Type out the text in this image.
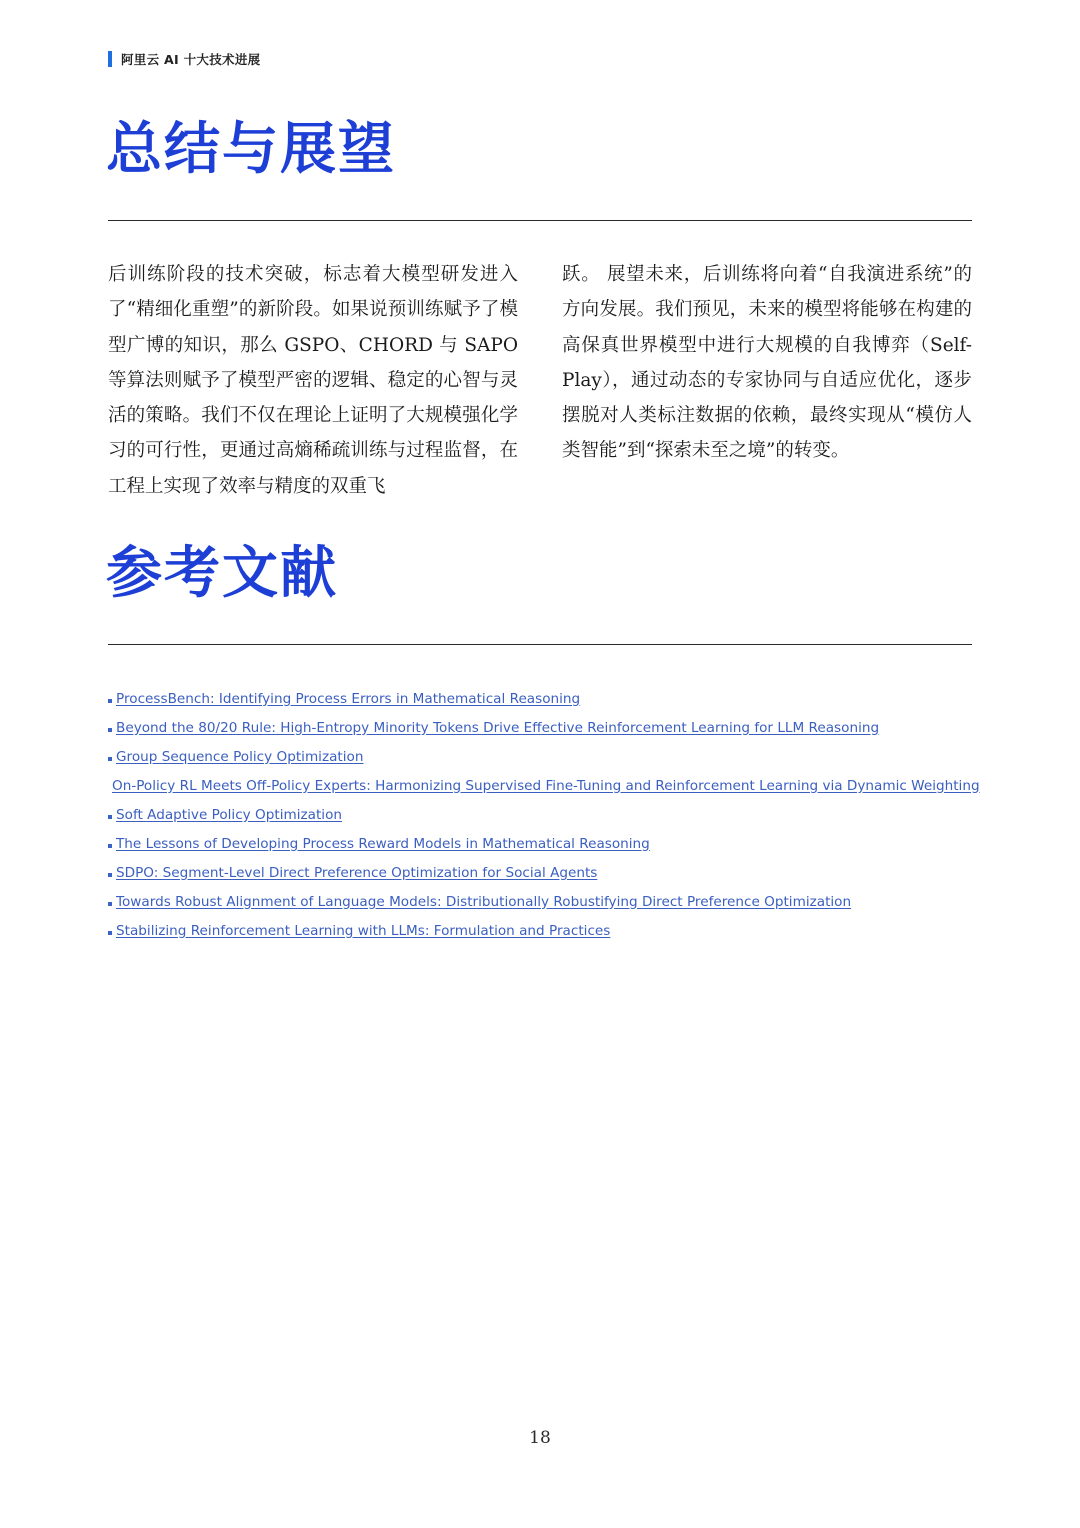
阿里云 AI 十大技术进展
总结与展望
后训练阶段的技术突破，标志着大模型研发进入了“精细化重塑”的新阶段。如果说预训练赋予了模型广博的知识，那么 GSPO、CHORD 与 SAPO 等算法则赋予了模型严密的逻辑、稳定的心智与灵活的策略。我们不仅在理论上证明了大规模强化学习的可行性，更通过高熵稀疏训练与过程监督，在工程上实现了效率与精度的双重飞
跃。 展望未来，后训练将向着“自我演进系统”的方向发展。我们预见，未来的模型将能够在构建的高保真世界模型中进行大规模的自我博弈（Self-Play），通过动态的专家协同与自适应优化，逐步摆脱对人类标注数据的依赖，最终实现从“模仿人类智能”到“探索未至之境”的转变。
参考文献
ProcessBench: Identifying Process Errors in Mathematical Reasoning
Beyond the 80/20 Rule: High-Entropy Minority Tokens Drive Effective Reinforcement Learning for LLM Reasoning
Group Sequence Policy Optimization
On-Policy RL Meets Off-Policy Experts: Harmonizing Supervised Fine-Tuning and Reinforcement Learning via Dynamic Weighting
Soft Adaptive Policy Optimization
The Lessons of Developing Process Reward Models in Mathematical Reasoning
SDPO: Segment-Level Direct Preference Optimization for Social Agents
Towards Robust Alignment of Language Models: Distributionally Robustifying Direct Preference Optimization
Stabilizing Reinforcement Learning with LLMs: Formulation and Practices
18
